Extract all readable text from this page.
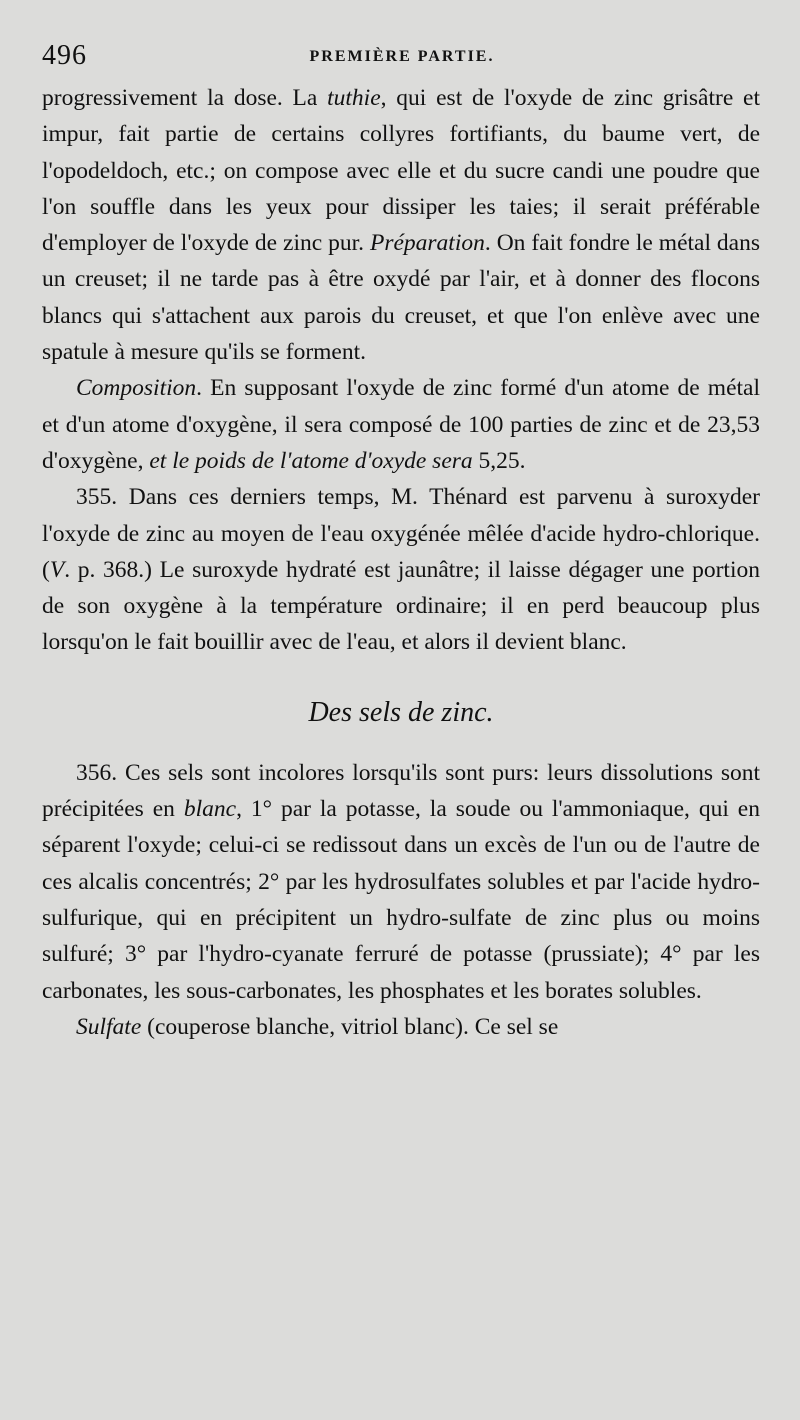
496	PREMIÈRE PARTIE.

progressivement la dose. La tuthie, qui est de l'oxyde de zinc grisâtre et impur, fait partie de certains collyres fortifiants, du baume vert, de l'opodeldoch, etc.; on compose avec elle et du sucre candi une poudre que l'on souffle dans les yeux pour dissiper les taies; il serait préférable d'employer de l'oxyde de zinc pur. Préparation. On fait fondre le métal dans un creuset; il ne tarde pas à être oxydé par l'air, et à donner des flocons blancs qui s'attachent aux parois du creuset, et que l'on enlève avec une spatule à mesure qu'ils se forment.

Composition. En supposant l'oxyde de zinc formé d'un atome de métal et d'un atome d'oxygène, il sera composé de 100 parties de zinc et de 23,53 d'oxygène, et le poids de l'atome d'oxyde sera 5,25.

355. Dans ces derniers temps, M. Thénard est parvenu à suroxyder l'oxyde de zinc au moyen de l'eau oxygénée mêlée d'acide hydro-chlorique. (V. p. 368.) Le suroxyde hydraté est jaunâtre; il laisse dégager une portion de son oxygène à la température ordinaire; il en perd beaucoup plus lorsqu'on le fait bouillir avec de l'eau, et alors il devient blanc.

Des sels de zinc.

356. Ces sels sont incolores lorsqu'ils sont purs: leurs dissolutions sont précipitées en blanc, 1° par la potasse, la soude ou l'ammoniaque, qui en séparent l'oxyde; celui-ci se redissout dans un excès de l'un ou de l'autre de ces alcalis concentrés; 2° par les hydrosulfates solubles et par l'acide hydro-sulfurique, qui en précipitent un hydro-sulfate de zinc plus ou moins sulfuré; 3° par l'hydro-cyanate ferruré de potasse (prussiate); 4° par les carbonates, les sous-carbonates, les phosphates et les borates solubles.

Sulfate (couperose blanche, vitriol blanc). Ce sel se
